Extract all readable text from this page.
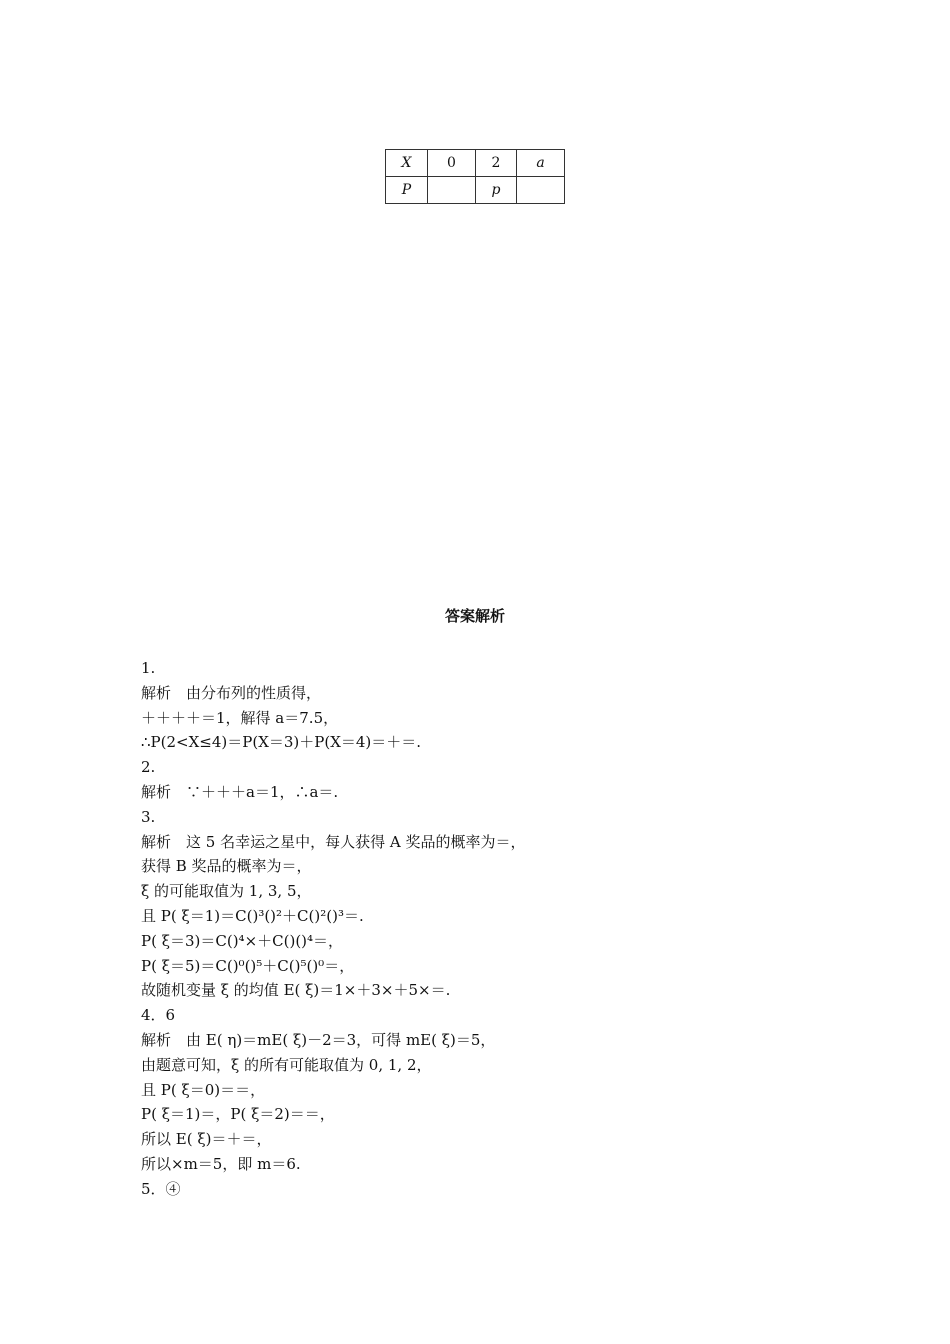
X	0	2	a
P		p	
答案解析
1.
解析　由分布列的性质得，
＋＋＋＋＝1，解得 a＝7.5，
∴P(2<X≤4)＝P(X＝3)＋P(X＝4)＝＋＝.
2.
解析　∵＋＋＋a＝1，∴a＝.
3.
解析　这 5 名幸运之星中，每人获得 A 奖品的概率为＝，
获得 B 奖品的概率为＝，
ξ 的可能取值为 1, 3, 5，
且 P( ξ＝1)＝C()³()²＋C()²()³＝.
P( ξ＝3)＝C()⁴×＋C()()⁴＝，
P( ξ＝5)＝C()⁰()⁵＋C()⁵()⁰＝，
故随机变量 ξ 的均值 E( ξ)＝1×＋3×＋5×＝.
4．6
解析　由 E( η)＝mE( ξ)－2＝3，可得 mE( ξ)＝5，
由题意可知，ξ 的所有可能取值为 0, 1, 2，
且 P( ξ＝0)＝＝，
P( ξ＝1)＝，P( ξ＝2)＝＝，
所以 E( ξ)＝＋＝，
所以×m＝5，即 m＝6.
5．④
